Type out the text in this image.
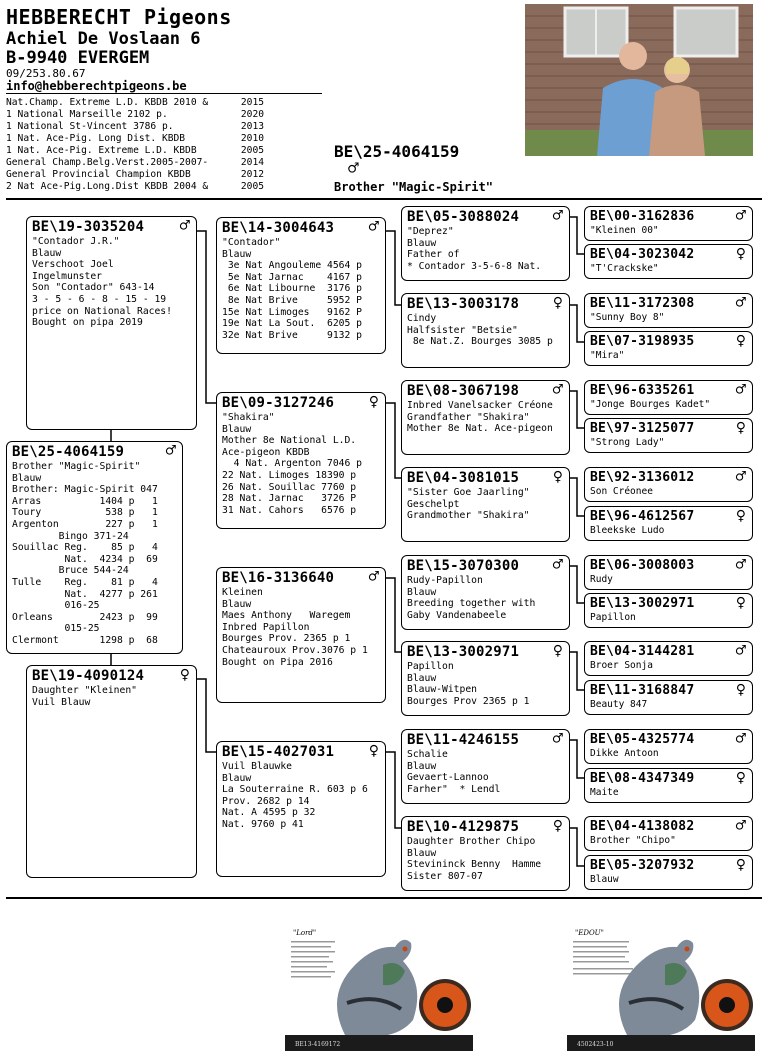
HEBBERECHT Pigeons
Achiel De Voslaan 6
B-9940 EVERGEM
09/253.80.67
info@hebberechtpigeons.be
Nat.Champ. Extreme L.D. KBDB 2010 &	2015
1 National Marseille 2102 p.	2020
1 National St-Vincent 3786 p.	2013
1 Nat. Ace-Pig. Long Dist. KBDB	2010
1 Nat. Ace-Pig. Extreme L.D. KBDB	2005
General Champ.Belg.Verst.2005-2007-	2014
General Provincial Champion KBDB	2012
2 Nat Ace-Pig.Long.Dist KBDB 2004 &	2005
BE\25-4064159
♂
Brother "Magic-Spirit"
BE\19-3035204	♂
"Contador J.R."
Blauw
Verschoot Joel
Ingelmunster
Son "Contador" 643-14
3 - 5 - 6 - 8 - 15 - 19
price on National Races!
Bought on pipa 2019
BE\25-4064159	♂
Brother "Magic-Spirit"
Blauw
Brother: Magic-Spirit 047
Arras          1404 p   1
Toury           538 p   1
Argenton        227 p   1
Bingo 371-24
Souillac Reg.    85 p   4
Nat.  4234 p  69
Bruce 544-24
Tulle    Reg.    81 p   4
Nat.  4277 p 261
016-25
Orleans        2423 p  99
015-25
Clermont       1298 p  68
BE\19-4090124	♀
Daughter "Kleinen"
Vuil Blauw
BE\14-3004643	♂
"Contador"
Blauw
3e Nat Angouleme 4564 p
5e Nat Jarnac    4167 p
6e Nat Libourne  3176 p
8e Nat Brive     5952 P
15e Nat Limoges   9162 P
19e Nat La Sout.  6205 p
32e Nat Brive     9132 p
BE\09-3127246	♀
"Shakira"
Blauw
Mother 8e National L.D.
Ace-pigeon KBDB
4 Nat. Argenton 7046 p
22 Nat. Limoges 18390 p
26 Nat. Souillac 7760 p
28 Nat. Jarnac   3726 P
31 Nat. Cahors   6576 p
BE\16-3136640	♂
Kleinen
Blauw
Maes Anthony   Waregem
Inbred Papillon
Bourges Prov. 2365 p 1
Chateauroux Prov.3076 p 1
Bought on Pipa 2016
BE\15-4027031	♀
Vuil Blauwke
Blauw
La Souterraine R. 603 p 6
Prov. 2682 p 14
Nat. A 4595 p 32
Nat. 9760 p 41
BE\05-3088024	♂
"Deprez"
Blauw
Father of
* Contador 3-5-6-8 Nat.
BE\13-3003178	♀
Cindy
Halfsister "Betsie"
8e Nat.Z. Bourges 3085 p
BE\08-3067198	♂
Inbred Vanelsacker Créone
Grandfather "Shakira"
Mother 8e Nat. Ace-pigeon
BE\04-3081015	♀
"Sister Goe Jaarling"
Geschelpt
Grandmother "Shakira"
BE\15-3070300	♂
Rudy-Papillon
Blauw
Breeding together with
Gaby Vandenabeele
BE\13-3002971	♀
Papillon
Blauw
Blauw-Witpen
Bourges Prov 2365 p 1
BE\11-4246155	♂
Schalie
Blauw
Gevaert-Lannoo
Farher"  * Lendl
BE\10-4129875	♀
Daughter Brother Chipo
Blauw
Stevininck Benny  Hamme
Sister 807-07
BE\00-3162836	♂
"Kleinen 00"
BE\04-3023042	♀
"T'Crackske"
BE\11-3172308	♂
"Sunny Boy 8"
BE\07-3198935	♀
"Mira"
BE\96-6335261	♂
"Jonge Bourges Kadet"
BE\97-3125077	♀
"Strong Lady"
BE\92-3136012	♂
Son Créonee
BE\96-4612567	♀
Bleekske Ludo
BE\06-3008003	♂
Rudy
BE\13-3002971	♀
Papillon
BE\04-3144281	♂
Broer Sonja
BE\11-3168847	♀
Beauty 847
BE\05-4325774	♂
Dikke Antoon
BE\08-4347349	♀
Maite
BE\04-4138082	♂
Brother "Chipo"
BE\05-3207932	♀
Blauw
"Lord"
BE13-4169172
"EDOU"
4502423-10
